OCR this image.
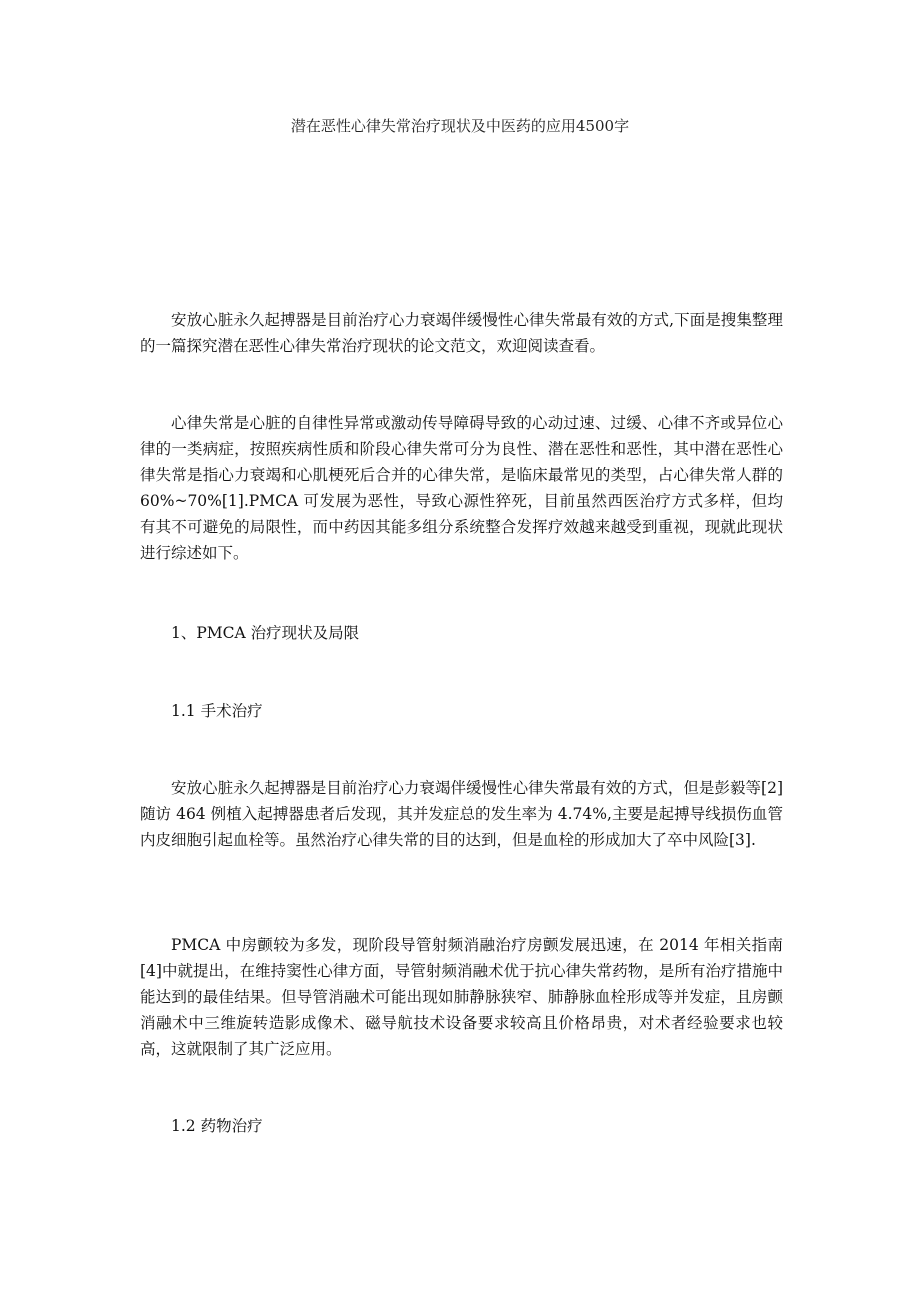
潜在恶性心律失常治疗现状及中医药的应用4500字

安放心脏永久起搏器是目前治疗心力衰竭伴缓慢性心律失常最有效的方式,下面是搜集整理的一篇探究潜在恶性心律失常治疗现状的论文范文，欢迎阅读查看。

心律失常是心脏的自律性异常或激动传导障碍导致的心动过速、过缓、心律不齐或异位心律的一类病症，按照疾病性质和阶段心律失常可分为良性、潜在恶性和恶性，其中潜在恶性心律失常是指心力衰竭和心肌梗死后合并的心律失常，是临床最常见的类型，占心律失常人群的 60%~70%[1].PMCA 可发展为恶性，导致心源性猝死，目前虽然西医治疗方式多样，但均有其不可避免的局限性，而中药因其能多组分系统整合发挥疗效越来越受到重视，现就此现状进行综述如下。

1、PMCA 治疗现状及局限
1.1 手术治疗

安放心脏永久起搏器是目前治疗心力衰竭伴缓慢性心律失常最有效的方式，但是彭毅等[2]随访 464 例植入起搏器患者后发现，其并发症总的发生率为 4.74%,主要是起搏导线损伤血管内皮细胞引起血栓等。虽然治疗心律失常的目的达到，但是血栓的形成加大了卒中风险[3].

PMCA 中房颤较为多发，现阶段导管射频消融治疗房颤发展迅速，在 2014 年相关指南[4]中就提出，在维持窦性心律方面，导管射频消融术优于抗心律失常药物，是所有治疗措施中能达到的最佳结果。但导管消融术可能出现如肺静脉狭窄、肺静脉血栓形成等并发症，且房颤消融术中三维旋转造影成像术、磁导航技术设备要求较高且价格昂贵，对术者经验要求也较高，这就限制了其广泛应用。

1.2 药物治疗
